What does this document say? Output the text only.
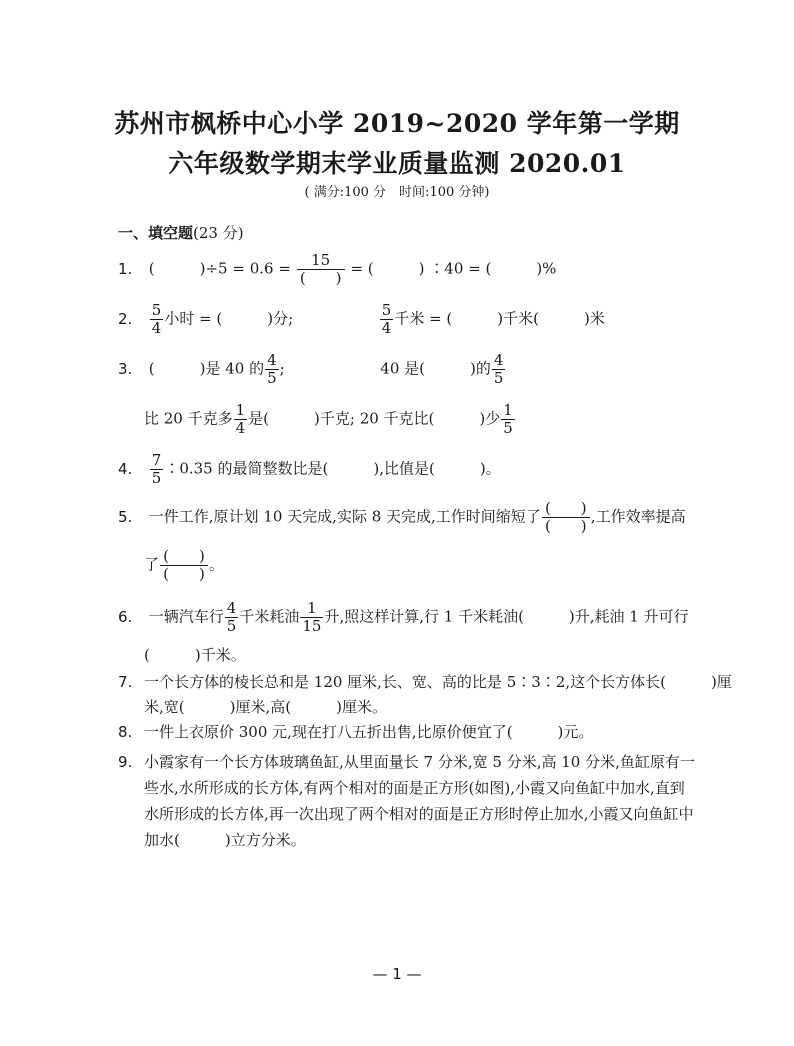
苏州市枫桥中心小学 2019~2020 学年第一学期
六年级数学期末学业质量监测 2020.01
( 满分:100 分　时间:100 分钟)
一、填空题(23 分)
1. (　　　)$\div 5 = 0.6 = \frac{15}{( )}$ = (　　　) ∶40 = (　　　)%
2. $\frac{5}{4}$ 小时 = (　　　)分;	$\frac{5}{4}$ 千米 = (　　　)千米(　　　)米
3. (　　　)是 40 的 $\frac{4}{5}$ ;	40 是(　　　)的 $\frac{4}{5}$
比 20 千克多 $\frac{1}{4}$ 是(　　　)千克; 20 千克比(　　　)少 $\frac{1}{5}$
4. $\frac{7}{5}$ ∶0.35 的最简整数比是(　　　),比值是(　　　)。
5. 一件工作,原计划 10 天完成,实际 8 天完成,工作时间缩短了 $\frac{( )}{( )}$ ,工作效率提高
了 $\frac{( )}{( )}$ 。
6. 一辆汽车行 $\frac{4}{5}$ 千米耗油 $\frac{1}{15}$ 升,照这样计算,行 1 千米耗油(　　　)升,耗油 1 升可行
(　　　)千米。
7. 一个长方体的棱长总和是 120 厘米,长、宽、高的比是 5∶3∶2,这个长方体长(　　　)厘
米,宽(　　　)厘米,高(　　　)厘米。
8. 一件上衣原价 300 元,现在打八五折出售,比原价便宜了(　　　)元。
9. 小霞家有一个长方体玻璃鱼缸,从里面量长 7 分米,宽 5 分米,高 10 分米,鱼缸原有一
些水,水所形成的长方体,有两个相对的面是正方形(如图),小霞又向鱼缸中加水,直到
水所形成的长方体,再一次出现了两个相对的面是正方形时停止加水,小霞又向鱼缸中
加水(　　　)立方分米。
— 1 —
